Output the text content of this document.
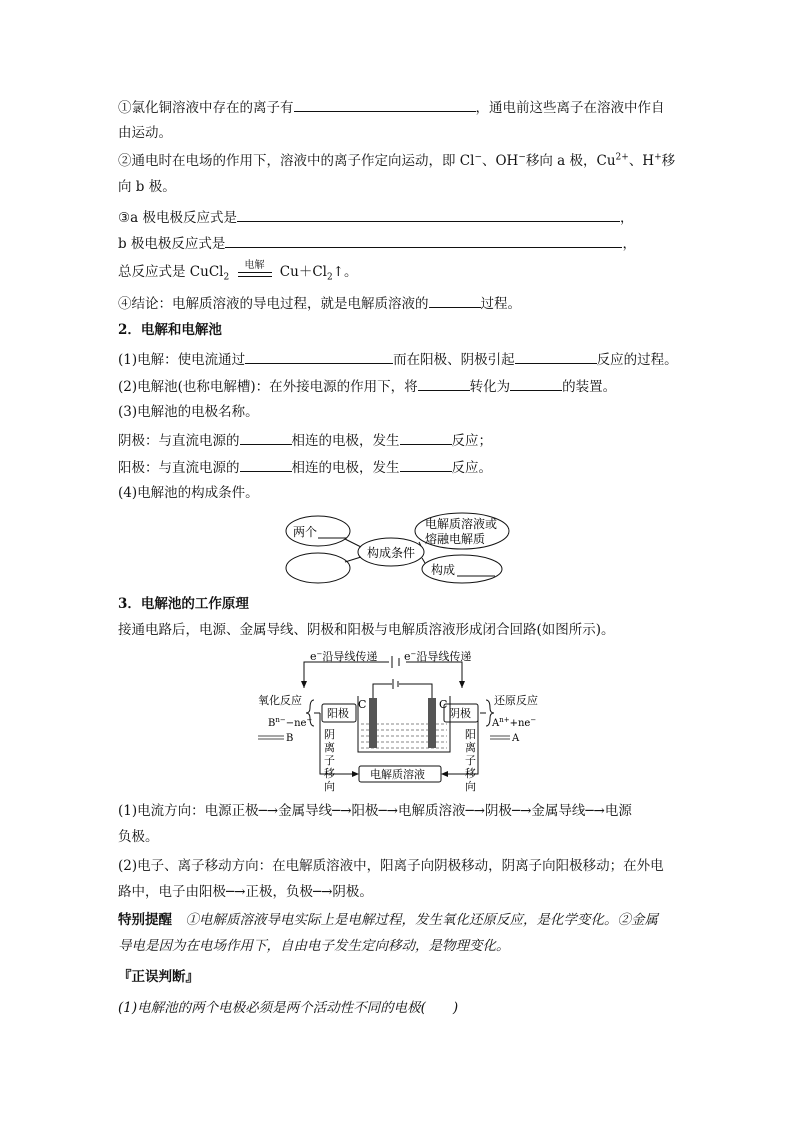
①氯化铜溶液中存在的离子有	，通电前这些离子在溶液中作自
由运动。
②通电时在电场的作用下，溶液中的离子作定向运动，即 Cl−、OH−移向 a 极，$Cu^{2+}$、H+移
向 b 极。
③a 极电极反应式是	，
b 极电极反应式是	，
总反应式是 CuCl$_2$
电解	$Cu+Cl_2↑$。
④结论：电解质溶液的导电过程，就是电解质溶液的	过程。
2．电解和电解池
(1)电解：使电流通过	而在阳极、阴极引起	反应的过程。
(2)电解池(也称电解槽)：在外接电源的作用下，将	转化为	的装置。
(3)电解池的电极名称。
阴极：与直流电源的	相连的电极，发生	反应；
阳极：与直流电源的	相连的电极，发生	反应。
(4)电解池的构成条件。
两个
构成条件
电解质溶液或
熔融电解质
构成
3．电解池的工作原理
接通电路后，电源、金属导线、阴极和阳极与电解质溶液形成闭合回路(如图所示)。
e−沿导线传递 e−沿导线传递
氧化反应	还原反应
阳极	阴极
C	C
$B^{n-}-ne^-$
B
$A^{n+}+ne^-$
A
阴
离
子
移
向
阳
离
子
移
向
电解质溶液
(1)电流方向：电源正极─→金属导线─→阳极─→电解质溶液─→阴极─→金属导线─→电源
负极。
(2)电子、离子移动方向：在电解质溶液中，阳离子向阴极移动，阴离子向阳极移动；在外电
路中，电子由阳极─→正极，负极─→阴极。
特别提醒　 ①电解质溶液导电实际上是电解过程，发生氧化还原反应，是化学变化。②金属
导电是因为在电场作用下，自由电子发生定向移动，是物理变化。
『正误判断』
(1)电解池的两个电极必须是两个活动性不同的电极(　　)
